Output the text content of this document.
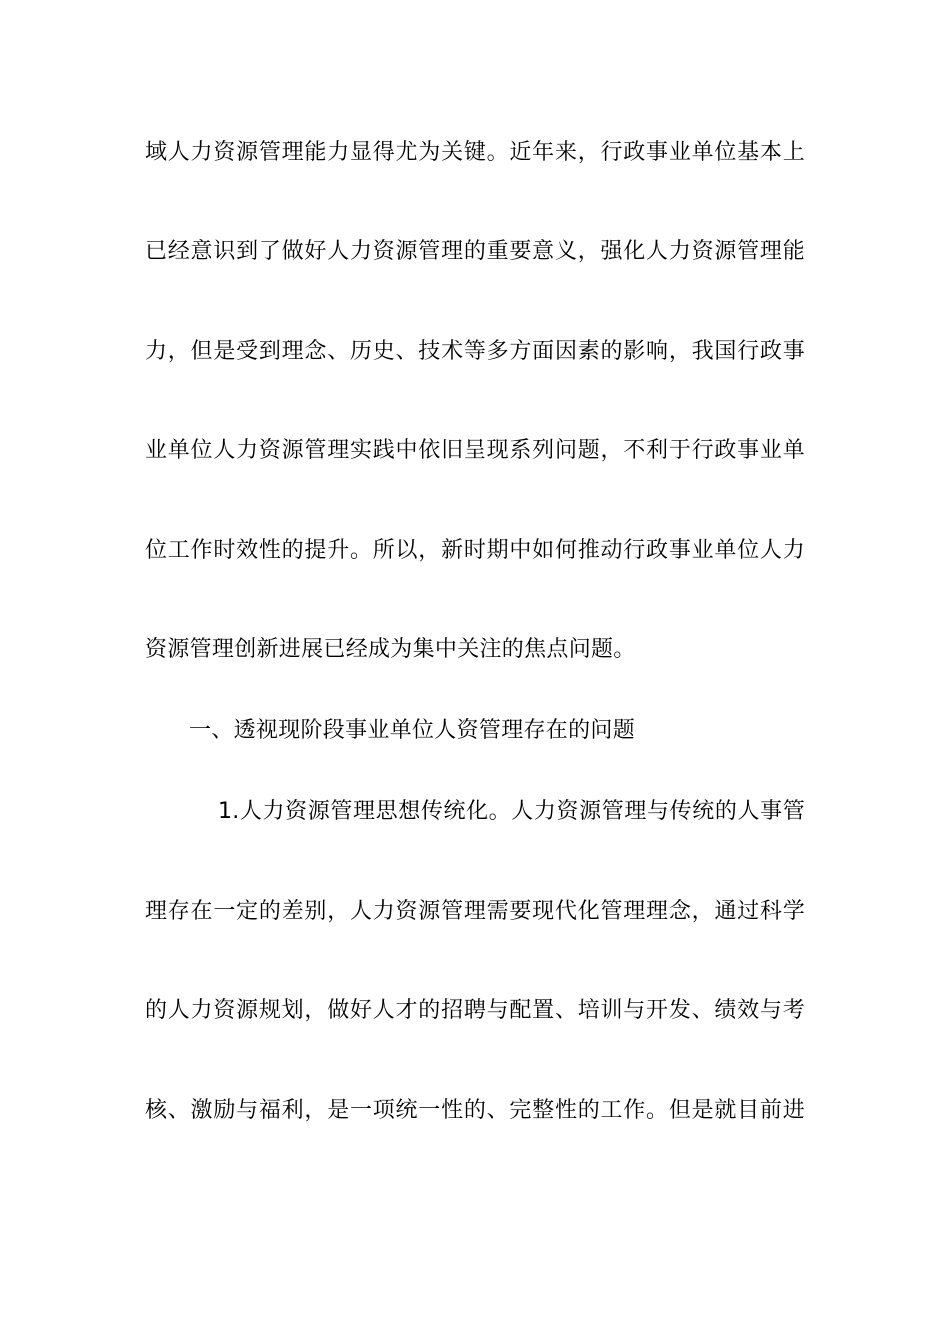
域人力资源管理能力显得尤为关键。近年来，行政事业单位基本上
已经意识到了做好人力资源管理的重要意义，强化人力资源管理能
力，但是受到理念、历史、技术等多方面因素的影响，我国行政事
业单位人力资源管理实践中依旧呈现系列问题，不利于行政事业单
位工作时效性的提升。所以，新时期中如何推动行政事业单位人力
资源管理创新进展已经成为集中关注的焦点问题。
一、透视现阶段事业单位人资管理存在的问题
1.人力资源管理思想传统化。人力资源管理与传统的人事管
理存在一定的差别，人力资源管理需要现代化管理理念，通过科学
的人力资源规划，做好人才的招聘与配置、培训与开发、绩效与考
核、激励与福利，是一项统一性的、完整性的工作。但是就目前进
